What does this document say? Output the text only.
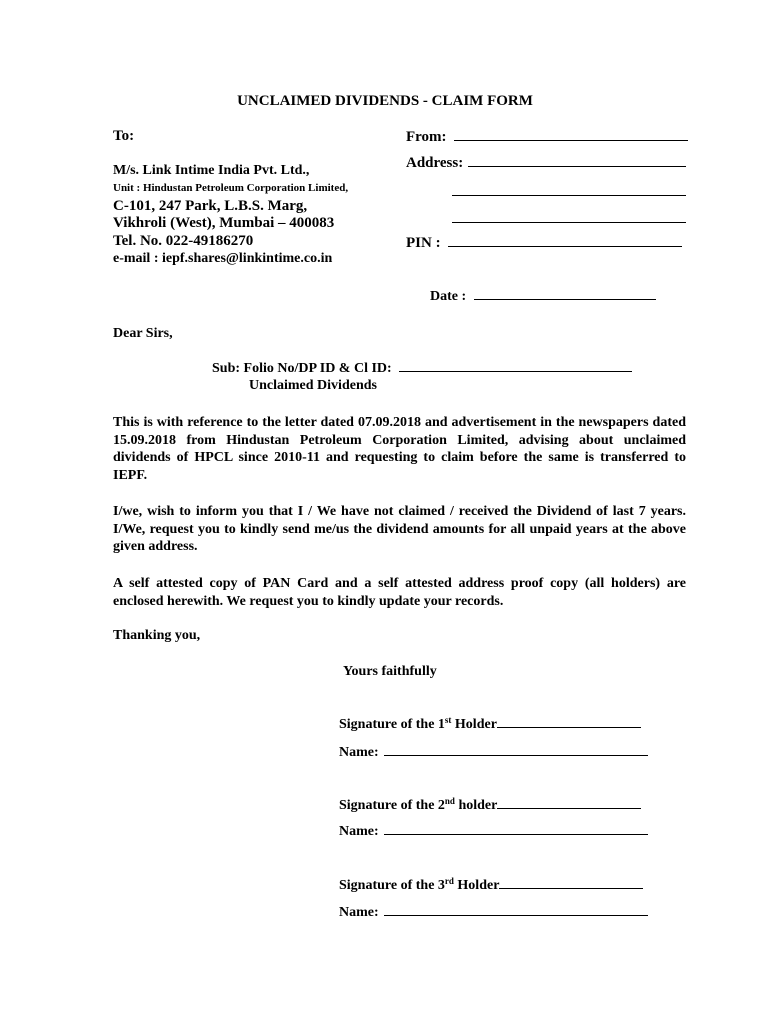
UNCLAIMED DIVIDENDS - CLAIM FORM
To:
M/s. Link Intime India Pvt. Ltd.,
Unit : Hindustan Petroleum Corporation Limited,
C-101, 247 Park, L.B.S. Marg,
Vikhroli (West), Mumbai – 400083
Tel. No. 022-49186270
e-mail : iepf.shares@linkintime.co.in
From:
Address:
PIN :
Date :
Dear Sirs,
Sub: Folio No/DP ID & Cl ID:
Unclaimed Dividends
This is with reference to the letter dated 07.09.2018 and advertisement in the newspapers dated 15.09.2018 from Hindustan Petroleum Corporation Limited, advising about unclaimed dividends of HPCL since 2010-11 and requesting to claim before the same is transferred to IEPF.
I/we, wish to inform you that I / We have not claimed / received the Dividend of last 7 years. I/We, request you to kindly send me/us the dividend amounts for all unpaid years at the above given address.
A self attested copy of PAN Card and a self attested address proof copy (all holders) are enclosed herewith. We request you to kindly update your records.
Thanking you,
Yours faithfully
Signature of the 1st Holder
Name:
Signature of the 2nd holder
Name:
Signature of the 3rd Holder
Name:
